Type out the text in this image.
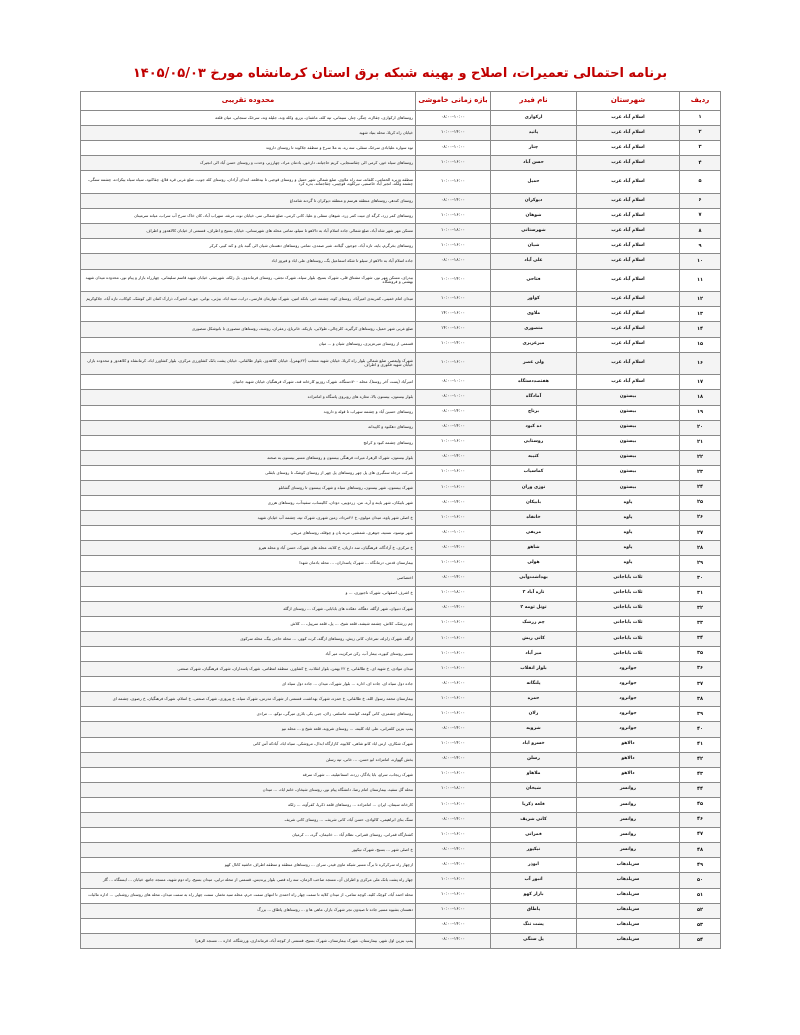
برنامه احتمالی تعمیرات، اصلاح و بهینه شبکه برق استان کرمانشاه مورخ ۱۴۰۵/۰۵/۰۳
ردیف	شهرستان	نام فیدر	بازه زمانی خاموشی	محدوده تقریبی
۱	اسلام آباد غرب	ارکوازی	۰۸:۰۰-۱۰:۰۰	روستاهای ارکوازی، چقاازه، چنگر، چنار، سیمانی، تپه کله، ماشنان، بزرو، وکله وند، جلیله وند، سرخک سنجابی، میان قلعه
۲	اسلام آباد غرب	پاتید	۱۰:۰۰-۱۴:۰۰	خیابان راه کربلا، محله بنیاد شهید
۳	اسلام آباد غرب	چنار	۰۸:۰۰-۱۰:۰۰	توه سواره علیابادی سرخک سفلی، سه ره، به ملا سرخ و منطقه جلالوند تا روستای داروند
۴	اسلام آباد غرب	حسن آباد	۱۰:۰۰-۱۶:۰۰	روستاهای سیاه خور، کرمی الی چقاسنجابی، کریم حاجیانه، دارخور، بادمان مراد، چهارزبر، وحدت و روستای حسن آباد الی انجیرک
۵	اسلام آباد غرب	حمیل	۱۰:۰۰-۱۶:۰۰	منطقه وزیره الحمامی، کلفانه، سه راه ملاوی، ضلع شمالی شهر حمیل و روستای قوجبی تا بیدقلعه، ابتدای آزادان، روستای کله جوب، ضلع غربی قره قلاغ، چقاکبود، سیاه سیاه بیکزاده، چشمه سنگی، چشمه ولکه، انجیر آباد خاصمیر، نیرکلوه، قوچینی، چقاجمانه، بدره کرد
۶	اسلام آباد غرب	دیوکران	۰۸:۰۰-۱۴:۰۰	روستای کندهر، روستاهای منطقه هرسم و منطقه دیوکران تا گردنه شامداغ
۷	اسلام آباد غرب	شوهان	۱۰:۰۰-۱۶:۰۰	روستاهای کمر زرد، کرگه ای تنیت کمر زرد، شوهان سفلی و علیا، کانی کرمی، ضلع شمالی سر، خیابان نوت مرغه، سهراب آباد، کان خاک سرخ آب سراب، میانه سرمینان
۸	اسلام آباد غرب	شهرستانی	۱۰:۰۰-۱۸:۰۰	مسکن مهر شهر شاه آباد، ضلع شمالی جاده اسلام آباد به دالاهو تا سیلو، تمامی محله های شهرستانی، خیابان بسیج و اطراف، قسمتی از خیابان کالاهدوز و اطراف
۹	اسلام آباد غرب	شیان	۱۰:۰۰-۱۶:۰۰	روستاهای بخرگرم، بایه، تازه آباد، جوجور، گیلانه، شیر صمدی، تمامی روستاهای دهستان شیان الی گنبد بای و کند کبیر، کرکر
۱۰	اسلام آباد غرب	علی آباد	۰۸:۰۰-۱۸:۰۰	جاده اسلام آباد به دالاهو از سیلو تا شکه اسماعیل بگ، روستاهای علی اباد و فیروز اباد
۱۱	اسلام آباد غرب	فتاحی	۱۰:۰۰-۱۴:۰۰	بیدرای، مسکن مهر نور، شهرک مشتاق قلی، شهرک بسیج، بلوار سپاه، شهرک نجفی، روستای فرماندوی، بل زلکه، شهرنشر، خیابان شهید قاسم سلیمانی، چهارراه بازار و پیام نور، محدوده میدان شهید بهشتی و فروشگاه
۱۲	اسلام آباد غرب	کواور	۱۰:۰۰-۱۶:۰۰	میدان امام خمینی، کمربندی امیرآباد، روستای کوه، چشمه خیر، بانکه امین، شهرک مهارمان فارسی، دراب، سید اباد، بیژنی، بوانی، جوزه، انجیرک، ذرارک کمان الی کوشک، کوکاب، تازه آباد، جلالوکریم
۱۳	اسلام آباد غرب	ملاوی	۱۴:۰۰-۱۶:۰۰	
۱۴	اسلام آباد غرب	منصوری	۱۴:۰۰-۱۶:۰۰	ضلع غربی شهر حمیل، روستاهای کرگیره، کلرچالی، طولابی، بازیکه، خانرباغ، زعفران، روشند، روستاهای منصوری تا بانوشکل منصوری
۱۵	اسلام آباد غرب	میرعزیزی	۱۰:۰۰-۱۴:۰۰	قسمتی از روستای میرعزیزی، روستاهای شیان و ... میان
۱۶	اسلام آباد غرب	ولی عصر	۱۰:۰۰-۱۶:۰۰	شهرک ولیعصر، ضلع شمالی بلوار راه کربلا، خیابان شهید منتخب (۲۲بهمن)، خیابان کلاهدوز، بلوار طالقانی، خیابان پشت بانک کشاورزی مرکزی، بلوار کشاورز اباد، کرمانشاه و کلاهدوز و محدوده بازار، خیابان شهید فکوری و اطراف
۱۷	اسلام آباد غرب	هفتصددستگاه	۰۸:۰۰-۱۰:۰۰	امیرآباد (پست آخر روستا)، محله ۷۰۰دستگاه، شهرک روزیو کارخانه قند، شهرک فرهنگیان خیابان شهید جانبیان
۱۸	بیستون	آمادگاه	۰۸:۰۰-۱۰:۰۰	بلوار بیستون، بیستون بالا، مغازه های روبروی پاسگاه و امامزاده
۱۹	بیستون	برناج	۰۸:۰۰-۱۴:۰۰	روستاهای حسین آباد و چشمه سهراب تا قوله و داروند
۲۰	بیستون	ده کبود	۰۸:۰۰-۱۴:۰۰	روستاهای دهکبود و کاپیدانه
۲۱	بیستون	روستایی	۱۰:۰۰-۱۶:۰۰	روستاهای چشمه کبود و کرانچ
۲۲	بیستون	کتیبه	۰۸:۰۰-۱۴:۰۰	بلوار بیستون، شهرک الزهرا، میراث فرهنگی بیستون و روستاهای مسیر بیستون به صحنه
۲۳	بیستون	کماسیاب	۱۰:۰۰-۱۶:۰۰	شرکت درجاه سنگبری های پل چهر روستاهای پل چهر از روستای کوشک تا روستای بابقلی
۲۴	بیستون	نوژی وران	۱۰:۰۰-۱۶:۰۰	شهرک بیستون، شهر بیستون، روستاهای سیاه و شهرک بیستون تا روستای گشانلو
۲۵	پاوه	بابیکان	۰۸:۰۰-۱۴:۰۰	شهر بابیکان، شهر باینه و آره، نتن، زردوییی، دودان، کالیساب، سفیدآب، روستاهای هزری
۲۶	پاوه	خانقاه	۱۰:۰۰-۱۶:۰۰	خ اصلی شهر پاوه، میدان مولوی، خ ۲۶مرداد، زمین شهری، شهرک تپه، چشمه آب خیابان شهید
۲۷	پاوه	مریفی	۰۸:۰۰-۱۰:۰۰	شهر نوسود، نستیه، جوهری، شمشیر، مرنه یان و چوقله، روستاهای مریفی
۲۸	پاوه	شاهو	۰۸:۰۰-۱۴:۰۰	خ مرکزی، خ آزادگاه، فرهنگیان، سد داریان، خ کلابه، محله های شهرک، حسن آباد و محله هیرو
۲۹	پاوه	هولی	۱۰:۰۰-۱۶:۰۰	بیمارستان قدس، درمانگاه ... شهرک پاسداران، ... محله بادمان شهدا
۳۰	ثلاث باباجانی	بهداشت‌وآبی	۰۸:۰۰-۱۴:۰۰	اختصاصی
۳۱	ثلاث باباجانی	تازه آباد ۲	۱۰:۰۰-۱۸:۰۰	خ اشرف اصفهانی، شهرک ناجیوری، ... و
۳۲	ثلاث باباجانی	تونل ثومه ۲	۰۸:۰۰-۱۴:۰۰	شهرک دنبوان، شهر ازگله، دهگاه، دهکده های بابابابی، شهرک ... روستای ازگله
۳۳	ثلاث باباجانی	چم زرشک	۱۰:۰۰-۱۶:۰۰	چم زرشک، کلاش، چشمه شیشه، قلعه شیخ، ... پل، قلعه سرپیل، ... کلاش
۳۴	ثلاث باباجانی	کانی ریش	۱۰:۰۰-۱۶:۰۰	ازگله، شهرک زلزله، تمرخان، کانی زیش، روستاهای ازگله، کرت کوور، ... محله حاجی بیگ، محله سرکوی
۳۵	ثلاث باباجانی	میر آباد	۱۰:۰۰-۱۶:۰۰	مسیر روستای کیوره، بیمار آب، رکن مرکزیت میر آباد
۳۶	جوانرود	بلوار انقلاب	۱۰:۰۰-۱۶:۰۰	میدان موادی، خ شهید ای، خ طالقانی، خ ۲۲ بهمن، بلوار انقلاب، خ کشاورز، منطقه انتظامی، شهرک پاسداران، شهرک فرهنگیان، شهرک صنعتی
۳۷	جوانرود	پلنگانه	۰۸:۰۰-۱۶:۰۰	جاده دول سیاه ای، جاده ای، اداره ... بلوار شهرک، میدان ... جاده دول سیاه ای
۳۸	جوانرود	حمزه	۱۰:۰۰-۱۶:۰۰	بیمارستان محمد رسول الله، خ طالقانی، خ حمزه، شهرک بهداشت، قسمتی از شهرک مدرس، شهرک سپاه، خ پیروزی، شهرک صنعتی، خ اسلام، شهرک فرهنگیان، خ رضوی، چشمه ای
۳۹	جوانرود	زلان	۱۰:۰۰-۱۶:۰۰	روستاهای چشمزی، کانی گومه، کولسه، ماسلمر، زلان، جبی بکر، بلاری میرگی، نوکو، ... مرادی
۴۰	جوانرود	شرویه	۰۸:۰۰-۱۴:۰۰	پمپ بنزین کلمرانی، علی اباد کلینه، ... روستای شرویه، قلعه شیخ و ... محله نیو
۴۱	دالاهو	خسرو اباد	۱۰:۰۰-۱۴:۰۰	شهرک شکاری، ارس اباد کانو شاهی، کلایوه، کازارگاه ابدال، مروشکی، سیاه اباد، آبادکه آس کانی
۴۲	دالاهو	رسلن	۰۸:۰۰-۱۴:۰۰	بخش گهواره، امامزاده ابو حسن، ... خانی، تپه رسلن
۴۳	دالاهو	ملاهاو	۱۰:۰۰-۱۶:۰۰	شهرک ریجاب، سراو، بابا یادگار، زرده، اسماعیلیه، ... شهرک سرقه
۴۴	روانسر	شیخان	۱۰:۰۰-۱۸:۰۰	محله گل سفید، بیمارستان امام رضا، دانشگاه پیام نور، روستای شیخان، خانم اباد، ... میدان
۴۵	روانسر	قلعه ذکریا	۱۰:۰۰-۱۶:۰۰	کارخانه سیمان، اپران ... امامزاده ... روستاهای قلعه ذکریا، کفرآوه، ... زلکه
۴۶	روانسر	کانی شریف	۰۸:۰۰-۱۴:۰۰	سنگ بنای ابراهیمی، کالوادی، حسن آباد، کانی شریف، ... روستای کانی شریف
۴۷	روانسر	قمرانی	۱۰:۰۰-۱۶:۰۰	کشتارگاه قمرانی، روستای قمرانی، نظام آباد ... خانیمان، گره، ... کرمیان
۴۸	روانسر	نیکپور	۰۸:۰۰-۱۴:۰۰	خ اصلی شهر ... بسیج، شهرک نیکپور
۴۹	سرپلذهاب	ابوذر	۰۸:۰۰-۱۴:۰۰	ازچهار راه سرکرکره تا برگ مسیر شبکه ماوی فیدر، سرای ... روستاهای منطقه و منطقه اطراف حاشیه کانال کهو
۵۰	سرپلذهاب	انبور آب	۱۰:۰۰-۱۶:۰۰	چهار راه پشت بانک ملی مرکزی و اطراف آن، مسجد صاحب الزمان، سه راه قصر، بلوار پرندیس، قسمتی از محله ترابی، میدان بسیج، راه دوم شهید، مسجد جامع، خیابان ... ایستگاه ... گاز
۵۱	سرپلذهاب	بازار کهو	۱۰:۰۰-۱۶:۰۰	محله احمد آباد، کوچک کلیه، کوچه تمامی، از میدان کلایه تا سمت چهار راه احمدی تا انتهای سمت حرم، محله سید تخمار، سمت چهار راه به سمت میدان، محله های روستای روشنایی ... اداره مالیات
۵۲	سرپلذهاب	پاطاق	۱۰:۰۰-۱۶:۰۰	دهستان بشیوه مسیر جاده تا صیدون نجر شهرک بازار، ماهی ها و ... روستاهای پاطاق ... بزرگ
۵۳	سرپلذهاب	پشت تنگ	۰۸:۰۰-۱۴:۰۰	
۵۴	سرپلذهاب	پل سنگی	۰۸:۰۰-۱۴:۰۰	پمپ بنزین اول شهر، بیمارستان، شهرک بیمارستان، شهرک بسیج، قسمتی از کوچه آباد، فرمانداری، ورزشگاه، اداره ... مسجد الزهرا
